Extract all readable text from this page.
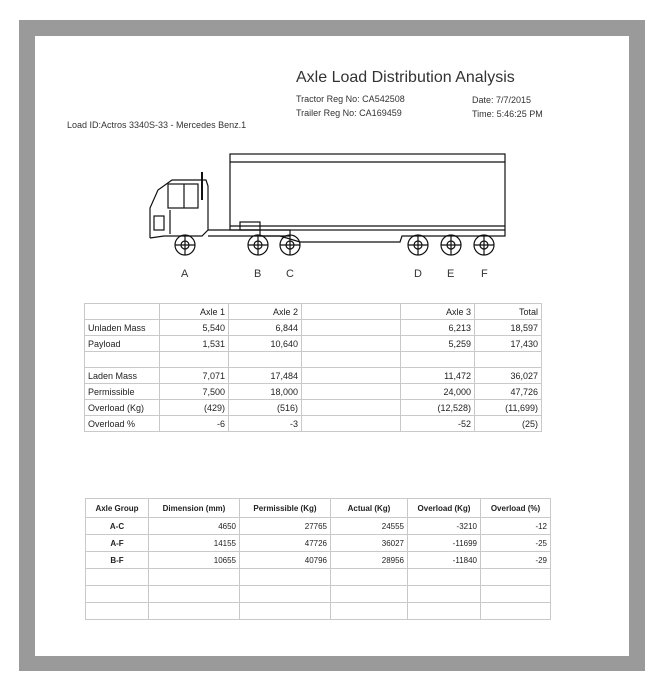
Axle Load Distribution Analysis
Tractor Reg No: CA542508
Trailer Reg No: CA169459
Date: 7/7/2015
Time: 5:46:25 PM
Load ID:Actros 3340S-33 - Mercedes Benz.1
A	B C	D E F
	Axle 1	Axle 2		Axle 3	Total
Unladen Mass	5,540	6,844		6,213	18,597
Payload	1,531	10,640		5,259	17,430

Laden Mass	7,071	17,484		11,472	36,027
Permissible	7,500	18,000		24,000	47,726
Overload (Kg)	(429)	(516)		(12,528)	(11,699)
Overload %	-6	-3		-52	(25)
Axle Group	Dimension (mm)	Permissible (Kg)	Actual (Kg)	Overload (Kg)	Overload (%)
A-C	4650	27765	24555	-3210	-12
A-F	14155	47726	36027	-11699	-25
B-F	10655	40796	28956	-11840	-29
